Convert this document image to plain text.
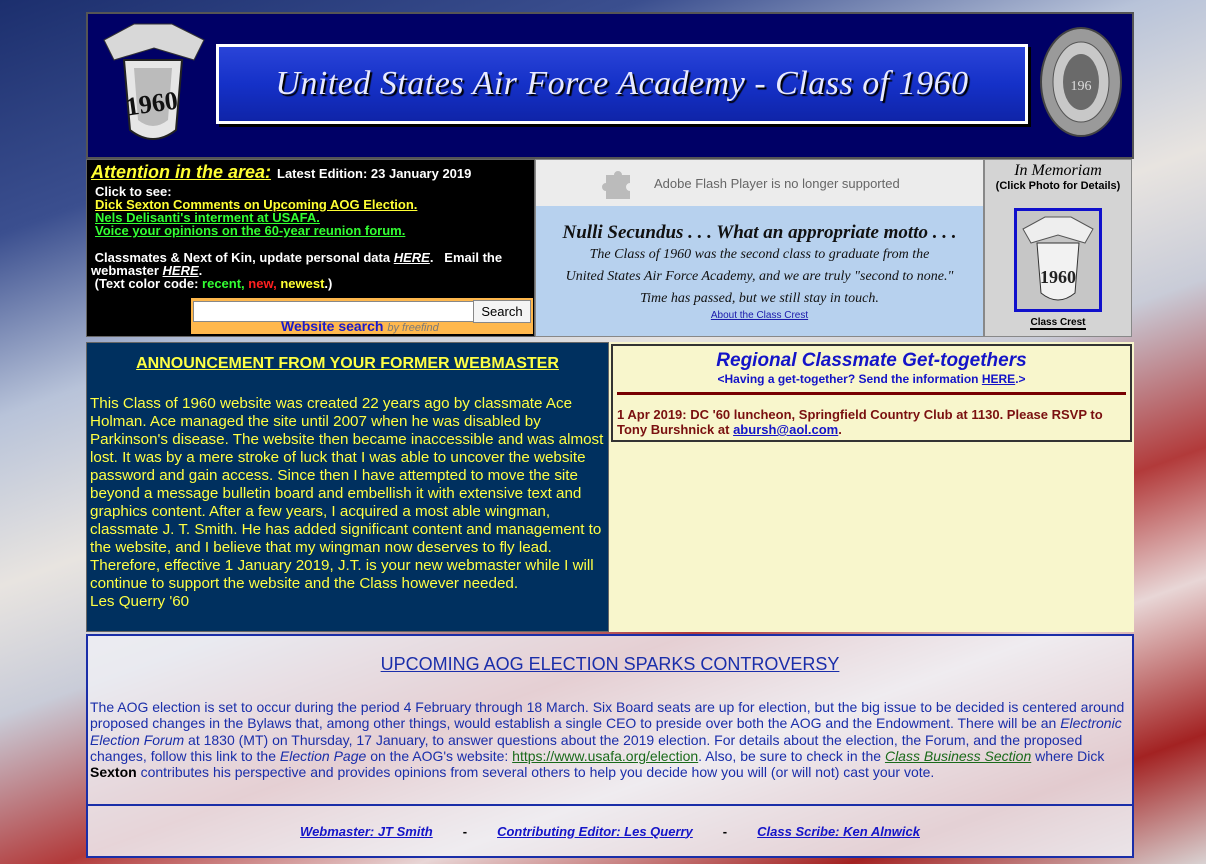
1960
United States Air Force Academy - Class of 1960	196
Attention in the area: Latest Edition: 23 January 2019
Click to see:
Dick Sexton Comments on Upcoming AOG Election.
Nels Delisanti's interment at USAFA.
Voice your opinions on the 60-year reunion forum.
Classmates & Next of Kin, update personal data HERE.   Email the webmaster HERE.
(Text color code: recent, new, newest.)
Search
Website search by freefind
Adobe Flash Player is no longer supported
Nulli Secundus . . . What an appropriate motto . . .
The Class of 1960 was the second class to graduate from the
United States Air Force Academy, and we are truly "second to none."
Time has passed, but we still stay in touch.
About the Class Crest
In Memoriam
(Click Photo for Details)
1960
Class Crest
ANNOUNCEMENT FROM YOUR FORMER WEBMASTER

This Class of 1960 website was created 22 years ago by classmate Ace Holman. Ace managed the site until 2007 when he was disabled by Parkinson's disease. The website then became inaccessible and was almost lost. It was by a mere stroke of luck that I was able to uncover the website password and gain access. Since then I have attempted to move the site beyond a message bulletin board and embellish it with extensive text and graphics content. After a few years, I acquired a most able wingman, classmate J. T. Smith. He has added significant content and management to the website, and I believe that my wingman now deserves to fly lead. Therefore, effective 1 January 2019, J.T. is your new webmaster while I will continue to support the website and the Class however needed.

Les Querry '60

Regional Classmate Get-togethers
<Having a get-together? Send the information HERE.>
1 Apr 2019: DC '60 luncheon, Springfield Country Club at 1130. Please RSVP to Tony Burshnick at abursh@aol.com.
UPCOMING AOG ELECTION SPARKS CONTROVERSY

The AOG election is set to occur during the period 4 February through 18 March. Six Board seats are up for election, but the big issue to be decided is centered around proposed changes in the Bylaws that, among other things, would establish a single CEO to preside over both the AOG and the Endowment. There will be an Electronic Election Forum at 1830 (MT) on Thursday, 17 January, to answer questions about the 2019 election. For details about the election, the Forum, and the proposed changes, follow this link to the Election Page on the AOG's website: https://www.usafa.org/election. Also, be sure to check in the Class Business Section where Dick Sexton contributes his perspective and provides opinions from several others to help you decide how you will (or will not) cast your vote.

Webmaster: JT Smith - Contributing Editor: Les Querry - Class Scribe: Ken Alnwick
